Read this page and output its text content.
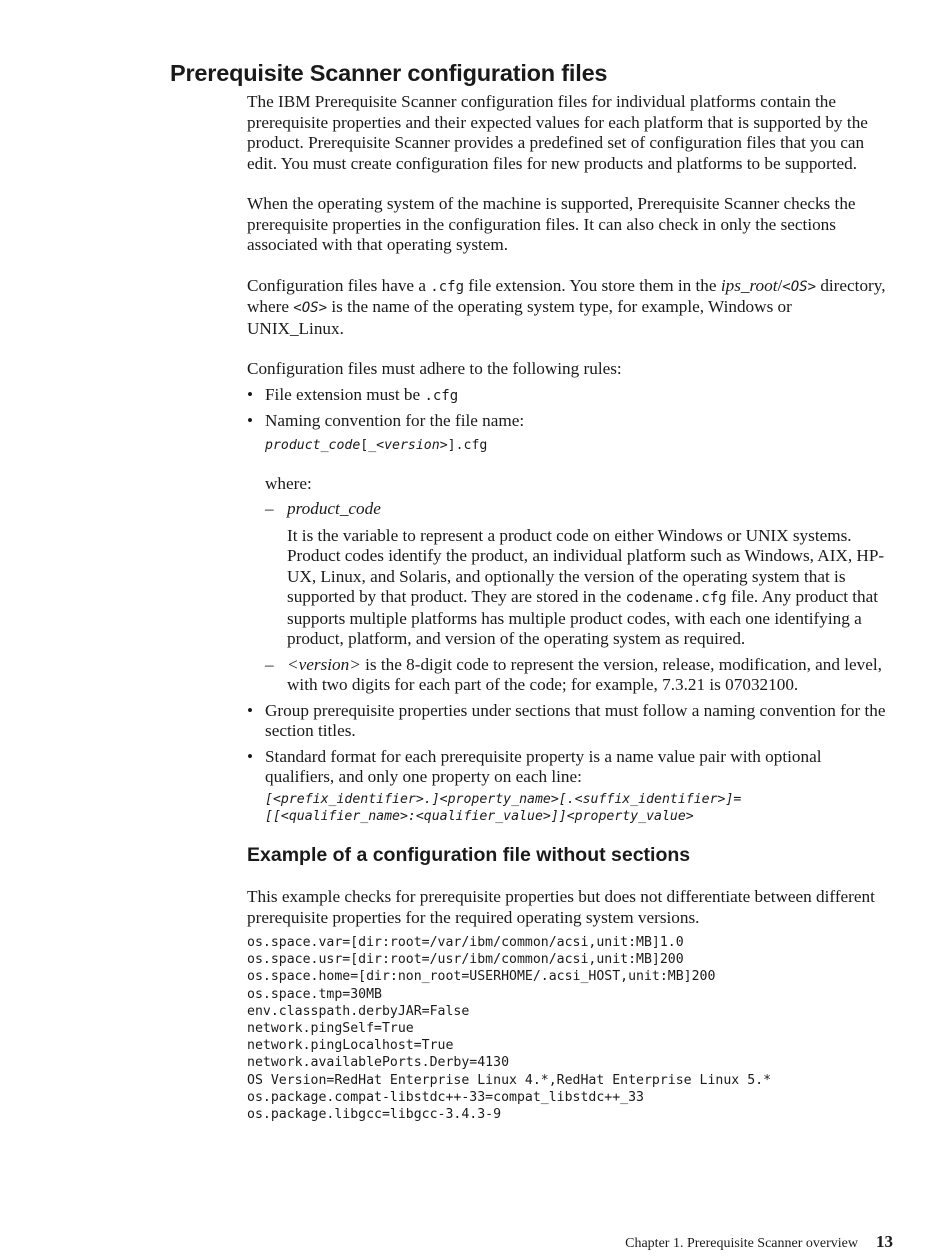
Prerequisite Scanner configuration files

The IBM Prerequisite Scanner configuration files for individual platforms contain the prerequisite properties and their expected values for each platform that is supported by the product. Prerequisite Scanner provides a predefined set of configuration files that you can edit. You must create configuration files for new products and platforms to be supported.

When the operating system of the machine is supported, Prerequisite Scanner checks the prerequisite properties in the configuration files. It can also check in only the sections associated with that operating system.

Configuration files have a .cfg file extension. You store them in the ips_root/<OS> directory, where <OS> is the name of the operating system type, for example, Windows or UNIX_Linux.

Configuration files must adhere to the following rules:

• File extension must be .cfg
• Naming convention for the file name:

product_code[_<version>].cfg

where:

– product_code

It is the variable to represent a product code on either Windows or UNIX systems. Product codes identify the product, an individual platform such as Windows, AIX, HP-UX, Linux, and Solaris, and optionally the version of the operating system that is supported by that product. They are stored in the codename.cfg file. Any product that supports multiple platforms has multiple product codes, with each one identifying a product, platform, and version of the operating system as required.

– <version> is the 8-digit code to represent the version, release, modification, and level, with two digits for each part of the code; for example, 7.3.21 is 07032100.

• Group prerequisite properties under sections that must follow a naming convention for the section titles.

• Standard format for each prerequisite property is a name value pair with optional qualifiers, and only one property on each line:

[<prefix_identifier>.]<property_name>[.<suffix_identifier>]=
[[<qualifier_name>:<qualifier_value>]]<property_value>
Example of a configuration file without sections

This example checks for prerequisite properties but does not differentiate between different prerequisite properties for the required operating system versions.

os.space.var=[dir:root=/var/ibm/common/acsi,unit:MB]1.0
os.space.usr=[dir:root=/usr/ibm/common/acsi,unit:MB]200
os.space.home=[dir:non_root=USERHOME/.acsi_HOST,unit:MB]200
os.space.tmp=30MB
env.classpath.derbyJAR=False
network.pingSelf=True
network.pingLocalhost=True
network.availablePorts.Derby=4130
OS Version=RedHat Enterprise Linux 4.*,RedHat Enterprise Linux 5.*
os.package.compat-libstdc++-33=compat_libstdc++_33
os.package.libgcc=libgcc-3.4.3-9
Chapter 1. Prerequisite Scanner overview 13
